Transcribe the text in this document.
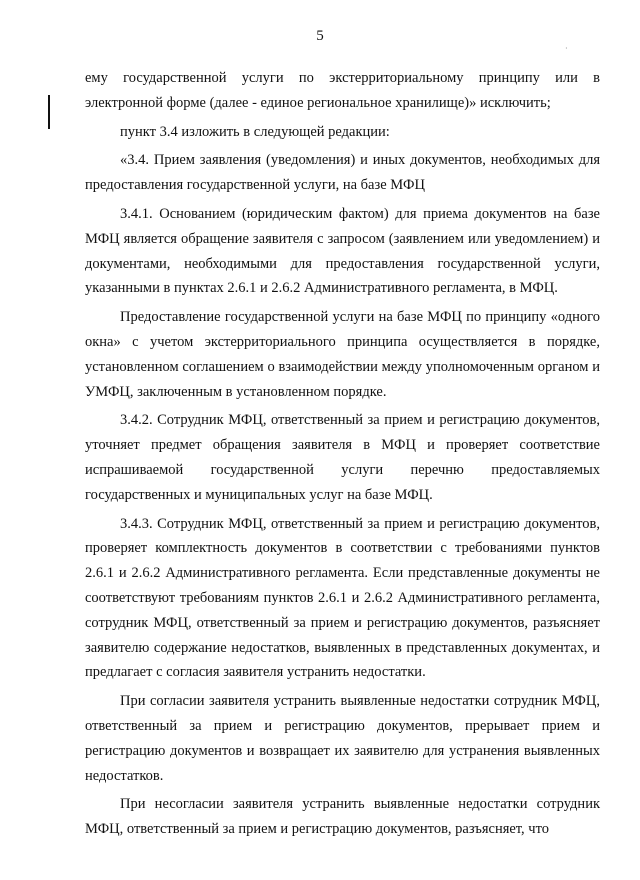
5
·

ему государственной услуги по экстерриториальному принципу или в электронной форме (далее - единое региональное хранилище)» исключить;

пункт 3.4 изложить в следующей редакции:

«3.4. Прием заявления (уведомления) и иных документов, необходимых для предоставления государственной услуги, на базе МФЦ

3.4.1. Основанием (юридическим фактом) для приема документов на базе МФЦ является обращение заявителя с запросом (заявлением или уведомлением) и документами, необходимыми для предоставления государственной услуги, указанными в пунктах 2.6.1 и 2.6.2 Административного регламента, в МФЦ.

Предоставление государственной услуги на базе МФЦ по принципу «одного окна» с учетом экстерриториального принципа осуществляется в порядке, установленном соглашением о взаимодействии между уполномоченным органом и УМФЦ, заключенным в установленном порядке.

3.4.2. Сотрудник МФЦ, ответственный за прием и регистрацию документов, уточняет предмет обращения заявителя в МФЦ и проверяет соответствие испрашиваемой государственной услуги перечню предоставляемых государственных и муниципальных услуг на базе МФЦ.

3.4.3. Сотрудник МФЦ, ответственный за прием и регистрацию документов, проверяет комплектность документов в соответствии с требованиями пунктов 2.6.1 и 2.6.2 Административного регламента. Если представленные документы не соответствуют требованиям пунктов 2.6.1 и 2.6.2 Административного регламента, сотрудник МФЦ, ответственный за прием и регистрацию документов, разъясняет заявителю содержание недостатков, выявленных в представленных документах, и предлагает с согласия заявителя устранить недостатки.

При согласии заявителя устранить выявленные недостатки сотрудник МФЦ, ответственный за прием и регистрацию документов, прерывает прием и регистрацию документов и возвращает их заявителю для устранения выявленных недостатков.

При несогласии заявителя устранить выявленные недостатки сотрудник МФЦ, ответственный за прием и регистрацию документов, разъясняет, что
